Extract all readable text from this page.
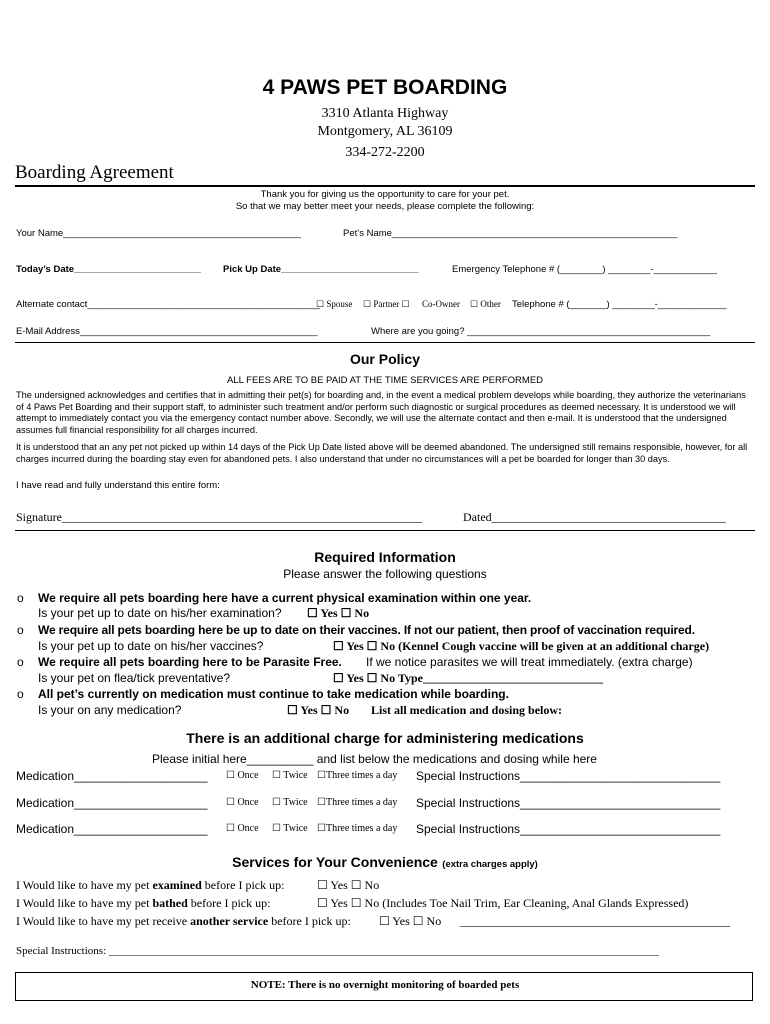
4 PAWS PET BOARDING
3310 Atlanta Highway
Montgomery, AL 36109
334-272-2200
Boarding Agreement
Thank you for giving us the opportunity to care for your pet.
So that we may better meet your needs, please complete the following:
Your Name_____________________________________________	Pet’s Name______________________________________________________
Today’s Date________________________ Pick Up Date__________________________	Emergency Telephone # (________) ________-____________
Alternate contact____________________________________________
☐ Spouse ☐ Partner ☐ Co-Owner ☐ Other Telephone # (_______) ________-_____________
E-Mail Address_____________________________________________	Where are you going? ______________________________________________
Our Policy
ALL FEES ARE TO BE PAID AT THE TIME SERVICES ARE PERFORMED
The undersigned acknowledges and certifies that in admitting their pet(s) for boarding and, in the event a medical problem develops while boarding, they authorize the veterinarians of 4 Paws Pet Boarding and their support staff, to administer such treatment and/or perform such diagnostic or surgical procedures as deemed necessary. It is understood we will attempt to immediately contact you via the emergency contact number above. Secondly, we will use the alternate contact and then e-mail. It is understood that the undersigned assumes full financial responsibility for all charges incurred.
It is understood that an any pet not picked up within 14 days of the Pick Up Date listed above will be deemed abandoned. The undersigned still remains responsible, however, for all charges incurred during the boarding stay even for abandoned pets. I also understand that under no circumstances will a pet be boarded for longer than 30 days.
I have read and fully understand this entire form:
Signature____________________________________________________________	Dated_______________________________________
Required Information
Please answer the following questions
o We require all pets boarding here have a current physical examination within one year.
Is your pet up to date on his/her examination? ☐ Yes ☐ No
o We require all pets boarding here be up to date on their vaccines. If not our patient, then proof of vaccination required.
Is your pet up to date on his/her vaccines?	☐ Yes ☐ No (Kennel Cough vaccine will be given at an additional charge)
o We require all pets boarding here to be Parasite Free. If we notice parasites we will treat immediately. (extra charge)
Is your pet on flea/tick preventative?	☐ Yes ☐ No Type______________________________
o All pet’s currently on medication must continue to take medication while boarding.
Is your on any medication?	☐ Yes ☐ No List all medication and dosing below:
There is an additional charge for administering medications
Please initial here__________ and list below the medications and dosing while here
Medication____________________ ☐ Once ☐ Twice ☐Three times a day Special Instructions______________________________
Medication____________________ ☐ Once ☐ Twice ☐Three times a day Special Instructions______________________________
Medication____________________ ☐ Once ☐ Twice ☐Three times a day Special Instructions______________________________
Services for Your Convenience (extra charges apply)
I Would like to have my pet examined before I pick up:	☐ Yes ☐ No
I Would like to have my pet bathed before I pick up:	☐ Yes ☐ No (Includes Toe Nail Trim, Ear Cleaning, Anal Glands Expressed)
I Would like to have my pet receive another service before I pick up: ☐ Yes ☐ No _____________________________________________
Special Instructions: ____________________________________________________________________________________________________
NOTE: There is no overnight monitoring of boarded pets
